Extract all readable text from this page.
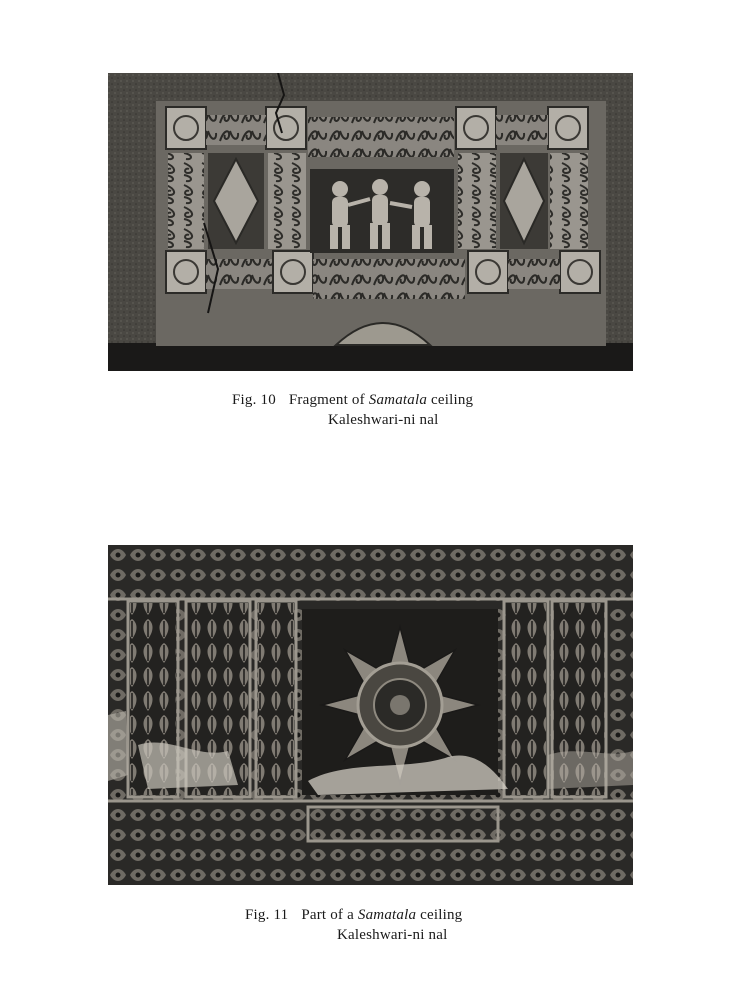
Fig. 10 Fragment of Samatala ceiling
Kaleshwari-ni nal
Fig. 11 Part of a Samatala ceiling
Kaleshwari-ni nal
